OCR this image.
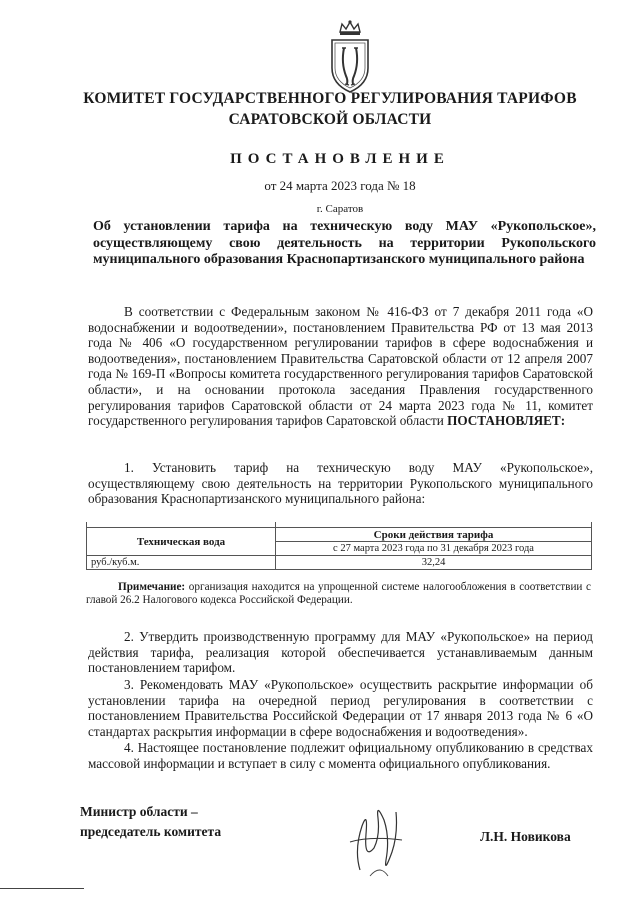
КОМИТЕТ ГОСУДАРСТВЕННОГО РЕГУЛИРОВАНИЯ ТАРИФОВ
САРАТОВСКОЙ ОБЛАСТИ
ПОСТАНОВЛЕНИЕ
от 24 марта 2023 года № 18
г. Саратов
Об установлении тарифа на техническую воду МАУ «Рукопольское», осуществляющему свою деятельность на территории Рукопольского муниципального образования Краснопартизанского муниципального района
В соответствии с Федеральным законом № 416-ФЗ от 7 декабря 2011 года «О водоснабжении и водоотведении», постановлением Правительства РФ от 13 мая 2013 года № 406 «О государственном регулировании тарифов в сфере водоснабжения и водоотведения», постановлением Правительства Саратовской области от 12 апреля 2007 года № 169-П «Вопросы комитета государственного регулирования тарифов Саратовской области», и на основании протокола заседания Правления государственного регулирования тарифов Саратовской области от 24 марта 2023 года № 11, комитет государственного регулирования тарифов Саратовской области ПОСТАНОВЛЯЕТ:
1. Установить тариф на техническую воду МАУ «Рукопольское», осуществляющему свою деятельность на территории Рукопольского муниципального образования Краснопартизанского муниципального района:

Техническая вода	Сроки действия тарифа
	с 27 марта 2023 года по 31 декабря 2023 года
руб./куб.м.	32,24
Примечание: организация находится на упрощенной системе налогообложения в соответствии с главой 26.2 Налогового кодекса Российской Федерации.
2. Утвердить производственную программу для МАУ «Рукопольское» на период действия тарифа, реализация которой обеспечивается устанавливаемым данным постановлением тарифом.
3. Рекомендовать МАУ «Рукопольское» осуществить раскрытие информации об установлении тарифа на очередной период регулирования в соответствии с постановлением Правительства Российской Федерации от 17 января 2013 года № 6 «О стандартах раскрытия информации в сфере водоснабжения и водоотведения».
4. Настоящее постановление подлежит официальному опубликованию в средствах массовой информации и вступает в силу с момента официального опубликования.
Министр области –
председатель комитета	Л.Н. Новикова
